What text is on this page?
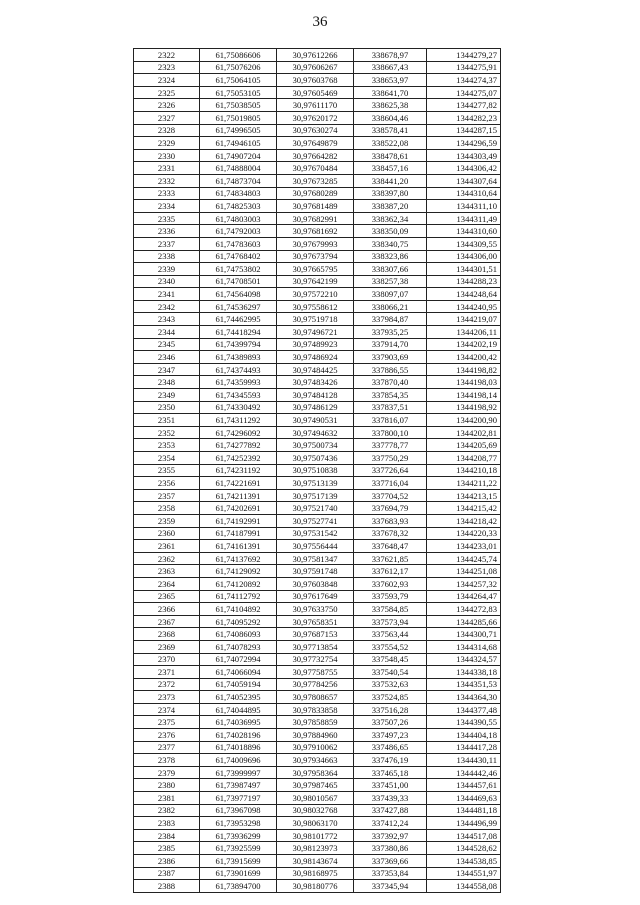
36
2322	61,75086606	30,97612266	338678,97	1344279,27
2323	61,75076206	30,97606267	338667,43	1344275,91
2324	61,75064105	30,97603768	338653,97	1344274,37
2325	61,75053105	30,97605469	338641,70	1344275,07
2326	61,75038505	30,97611170	338625,38	1344277,82
2327	61,75019805	30,97620172	338604,46	1344282,23
2328	61,74996505	30,97630274	338578,41	1344287,15
2329	61,74946105	30,97649879	338522,08	1344296,59
2330	61,74907204	30,97664282	338478,61	1344303,49
2331	61,74888004	30,97670484	338457,16	1344306,42
2332	61,74873704	30,97673285	338441,20	1344307,64
2333	61,74834803	30,97680289	338397,80	1344310,64
2334	61,74825303	30,97681489	338387,20	1344311,10
2335	61,74803003	30,97682991	338362,34	1344311,49
2336	61,74792003	30,97681692	338350,09	1344310,60
2337	61,74783603	30,97679993	338340,75	1344309,55
2338	61,74768402	30,97673794	338323,86	1344306,00
2339	61,74753802	30,97665795	338307,66	1344301,51
2340	61,74708501	30,97642199	338257,38	1344288,23
2341	61,74564098	30,97572210	338097,07	1344248,64
2342	61,74536297	30,97558612	338066,21	1344240,95
2343	61,74462995	30,97519718	337984,87	1344219,07
2344	61,74418294	30,97496721	337935,25	1344206,11
2345	61,74399794	30,97489923	337914,70	1344202,19
2346	61,74389893	30,97486924	337903,69	1344200,42
2347	61,74374493	30,97484425	337886,55	1344198,82
2348	61,74359993	30,97483426	337870,40	1344198,03
2349	61,74345593	30,97484128	337854,35	1344198,14
2350	61,74330492	30,97486129	337837,51	1344198,92
2351	61,74311292	30,97490531	337816,07	1344200,90
2352	61,74296092	30,97494632	337800,10	1344202,81
2353	61,74277892	30,97500734	337778,77	1344205,69
2354	61,74252392	30,97507436	337750,29	1344208,77
2355	61,74231192	30,97510838	337726,64	1344210,18
2356	61,74221691	30,97513139	337716,04	1344211,22
2357	61,74211391	30,97517139	337704,52	1344213,15
2358	61,74202691	30,97521740	337694,79	1344215,42
2359	61,74192991	30,97527741	337683,93	1344218,42
2360	61,74187991	30,97531542	337678,32	1344220,33
2361	61,74161391	30,97556444	337648,47	1344233,01
2362	61,74137692	30,97581347	337621,85	1344245,74
2363	61,74129092	30,97591748	337612,17	1344251,08
2364	61,74120892	30,97603848	337602,93	1344257,32
2365	61,74112792	30,97617649	337593,79	1344264,47
2366	61,74104892	30,97633750	337584,85	1344272,83
2367	61,74095292	30,97658351	337573,94	1344285,66
2368	61,74086093	30,97687153	337563,44	1344300,71
2369	61,74078293	30,97713854	337554,52	1344314,68
2370	61,74072994	30,97732754	337548,45	1344324,57
2371	61,74066094	30,97758755	337540,54	1344338,18
2372	61,74059194	30,97784256	337532,63	1344351,53
2373	61,74052395	30,97808657	337524,85	1344364,30
2374	61,74044895	30,97833858	337516,28	1344377,48
2375	61,74036995	30,97858859	337507,26	1344390,55
2376	61,74028196	30,97884960	337497,23	1344404,18
2377	61,74018896	30,97910062	337486,65	1344417,28
2378	61,74009696	30,97934663	337476,19	1344430,11
2379	61,73999997	30,97958364	337465,18	1344442,46
2380	61,73987497	30,97987465	337451,00	1344457,61
2381	61,73977197	30,98010567	337439,33	1344469,63
2382	61,73967098	30,98032768	337427,88	1344481,18
2383	61,73953298	30,98063170	337412,24	1344496,99
2384	61,73936299	30,98101772	337392,97	1344517,08
2385	61,73925599	30,98123973	337380,86	1344528,62
2386	61,73915699	30,98143674	337369,66	1344538,85
2387	61,73901699	30,98168975	337353,84	1344551,97
2388	61,73894700	30,98180776	337345,94	1344558,08
